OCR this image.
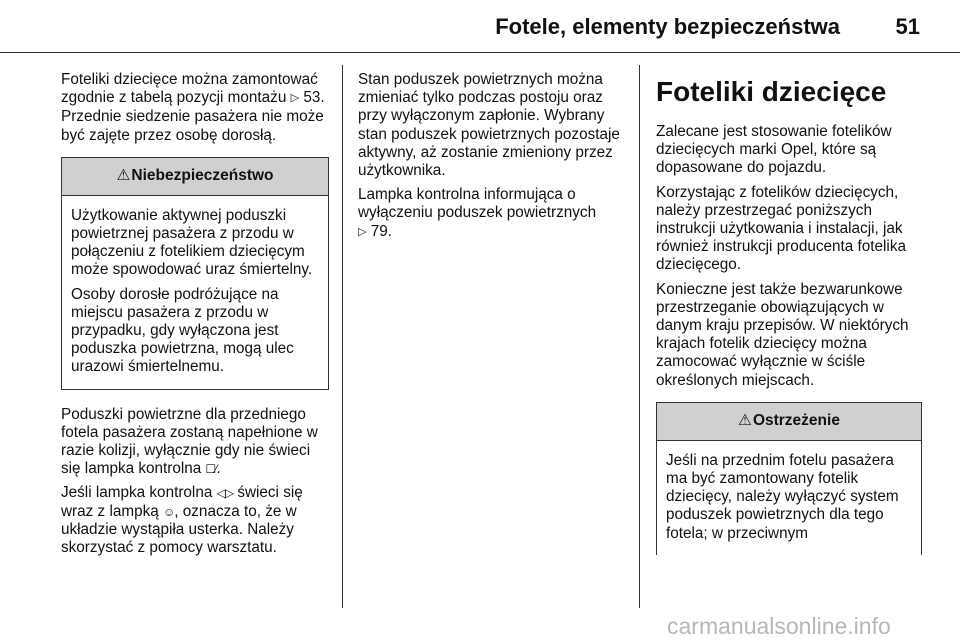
Fotele, elementy bezpieczeństwa	51

Foteliki dziecięce można zamontować zgodnie z tabelą pozycji montażu ▷ 53. Przednie siedzenie pasażera nie może być zajęte przez osobę dorosłą.

⚠ Niebezpieczeństwo

Użytkowanie aktywnej poduszki powietrznej pasażera z przodu w połączeniu z fotelikiem dziecięcym może spowodować uraz śmiertelny.

Osoby dorosłe podróżujące na miejscu pasażera z przodu w przypadku, gdy wyłączona jest poduszka powietrzna, mogą ulec urazowi śmiertelnemu.

Poduszki powietrzne dla przedniego fotela pasażera zostaną napełnione w razie kolizji, wyłącznie gdy nie świeci się lampka kontrolna ☐⁄.

Jeśli lampka kontrolna ◁▷ świeci się wraz z lampką ☺, oznacza to, że w układzie wystąpiła usterka. Należy skorzystać z pomocy warsztatu.

Stan poduszek powietrznych można zmieniać tylko podczas postoju oraz przy wyłączonym zapłonie. Wybrany stan poduszek powietrznych pozostaje aktywny, aż zostanie zmieniony przez użytkownika.

Lampka kontrolna informująca o wyłączeniu poduszek powietrznych
▷ 79.

Foteliki dziecięce

Zalecane jest stosowanie fotelików dziecięcych marki Opel, które są dopasowane do pojazdu.

Korzystając z fotelików dziecięcych, należy przestrzegać poniższych instrukcji użytkowania i instalacji, jak również instrukcji producenta fotelika dziecięcego.

Konieczne jest także bezwarunkowe przestrzeganie obowiązujących w danym kraju przepisów. W niektórych krajach fotelik dziecięcy można zamocować wyłącznie w ściśle określonych miejscach.

⚠ Ostrzeżenie

Jeśli na przednim fotelu pasażera ma być zamontowany fotelik dziecięcy, należy wyłączyć system poduszek powietrznych dla tego fotela; w przeciwnym

carmanualsonline.info
